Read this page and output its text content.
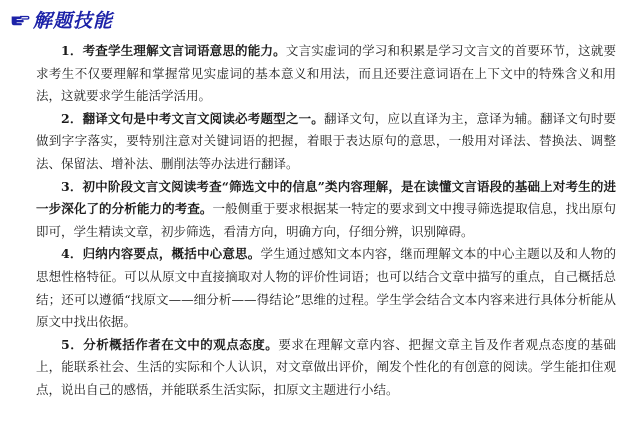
解题技能

1．考查学生理解文言词语意思的能力。文言实虚词的学习和积累是学习文言文的首要环节，这就要求考生不仅要理解和掌握常见实虚词的基本意义和用法，而且还要注意词语在上下文中的特殊含义和用法，这就要求学生能活学活用。

2．翻译文句是中考文言文阅读必考题型之一。翻译文句，应以直译为主，意译为辅。翻译文句时要做到字字落实，要特别注意对关键词语的把握，着眼于表达原句的意思，一般用对译法、替换法、调整法、保留法、增补法、删削法等办法进行翻译。

3．初中阶段文言文阅读考查“筛选文中的信息”类内容理解，是在读懂文言语段的基础上对考生的进一步深化了的分析能力的考查。一般侧重于要求根据某一特定的要求到文中搜寻筛选提取信息，找出原句即可，学生精读文章，初步筛选，看清方向，明确方向，仔细分辨，识别障碍。

4．归纳内容要点，概括中心意思。学生通过感知文本内容，继而理解文本的中心主题以及和人物的思想性格特征。可以从原文中直接摘取对人物的评价性词语；也可以结合文章中描写的重点，自己概括总结；还可以遵循“找原文——细分析——得结论”思维的过程。学生学会结合文本内容来进行具体分析能从原文中找出依据。

5．分析概括作者在文中的观点态度。要求在理解文章内容、把握文章主旨及作者观点态度的基础上，能联系社会、生活的实际和个人认识，对文章做出评价，阐发个性化的有创意的阅读。学生能扣住观点，说出自己的感悟，并能联系生活实际，扣原文主题进行小结。
